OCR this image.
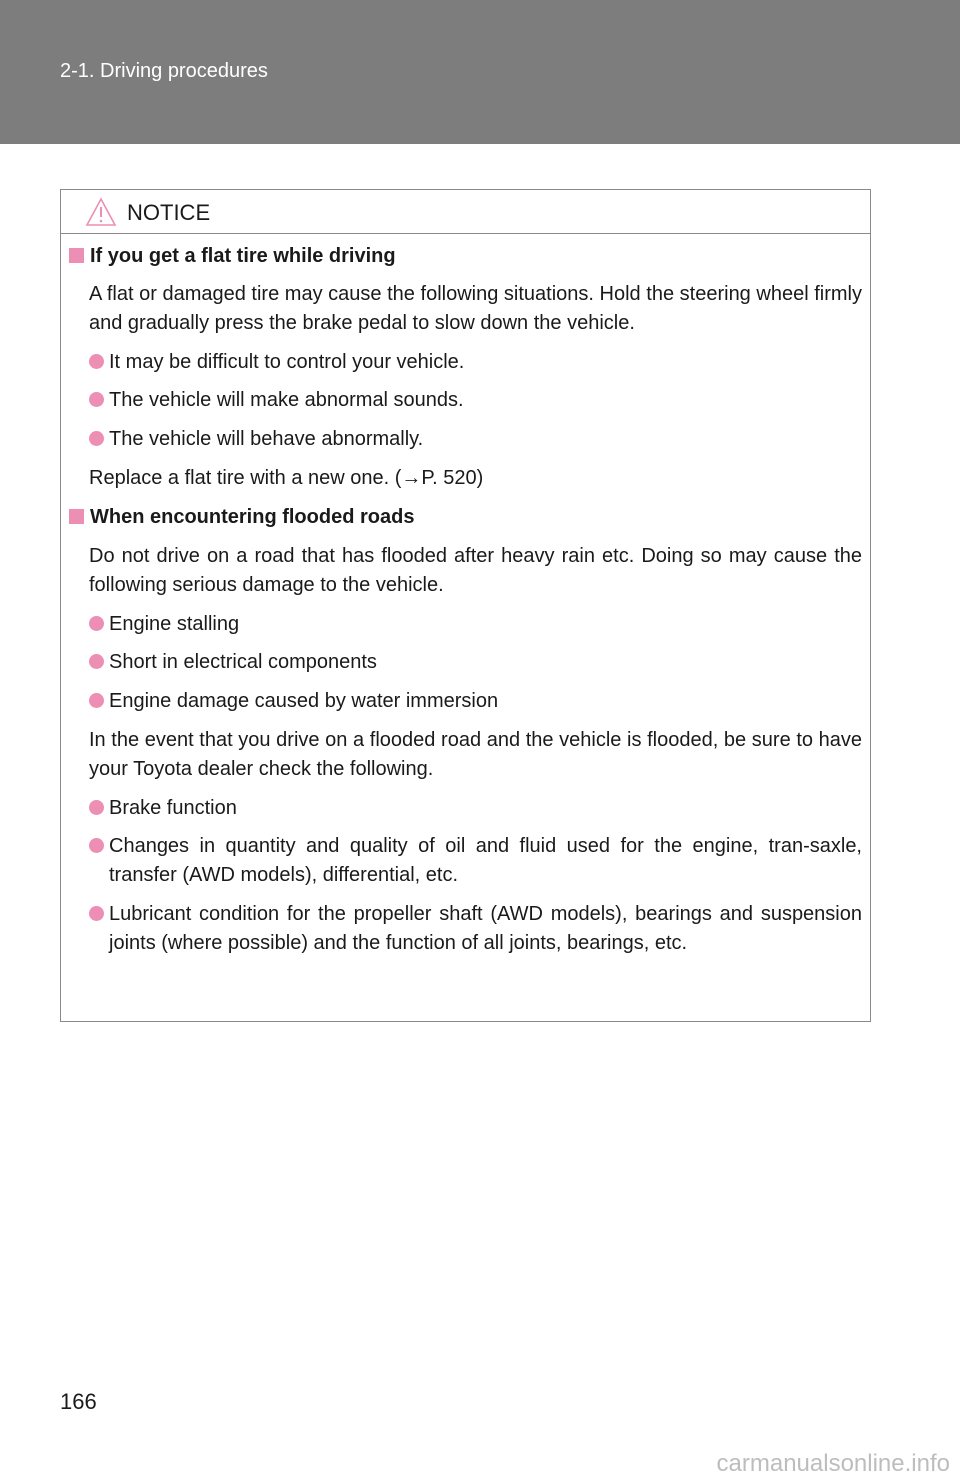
2-1. Driving procedures
NOTICE
If you get a flat tire while driving
A flat or damaged tire may cause the following situations. Hold the steering wheel firmly and gradually press the brake pedal to slow down the vehicle.
It may be difficult to control your vehicle.
The vehicle will make abnormal sounds.
The vehicle will behave abnormally.
Replace a flat tire with a new one. (→P. 520)
When encountering flooded roads
Do not drive on a road that has flooded after heavy rain etc. Doing so may cause the following serious damage to the vehicle.
Engine stalling
Short in electrical components
Engine damage caused by water immersion
In the event that you drive on a flooded road and the vehicle is flooded, be sure to have your Toyota dealer check the following.
Brake function
Changes in quantity and quality of oil and fluid used for the engine, tran-saxle, transfer (AWD models), differential, etc.
Lubricant condition for the propeller shaft (AWD models), bearings and suspension joints (where possible) and the function of all joints, bearings, etc.
166
carmanualsonline.info
